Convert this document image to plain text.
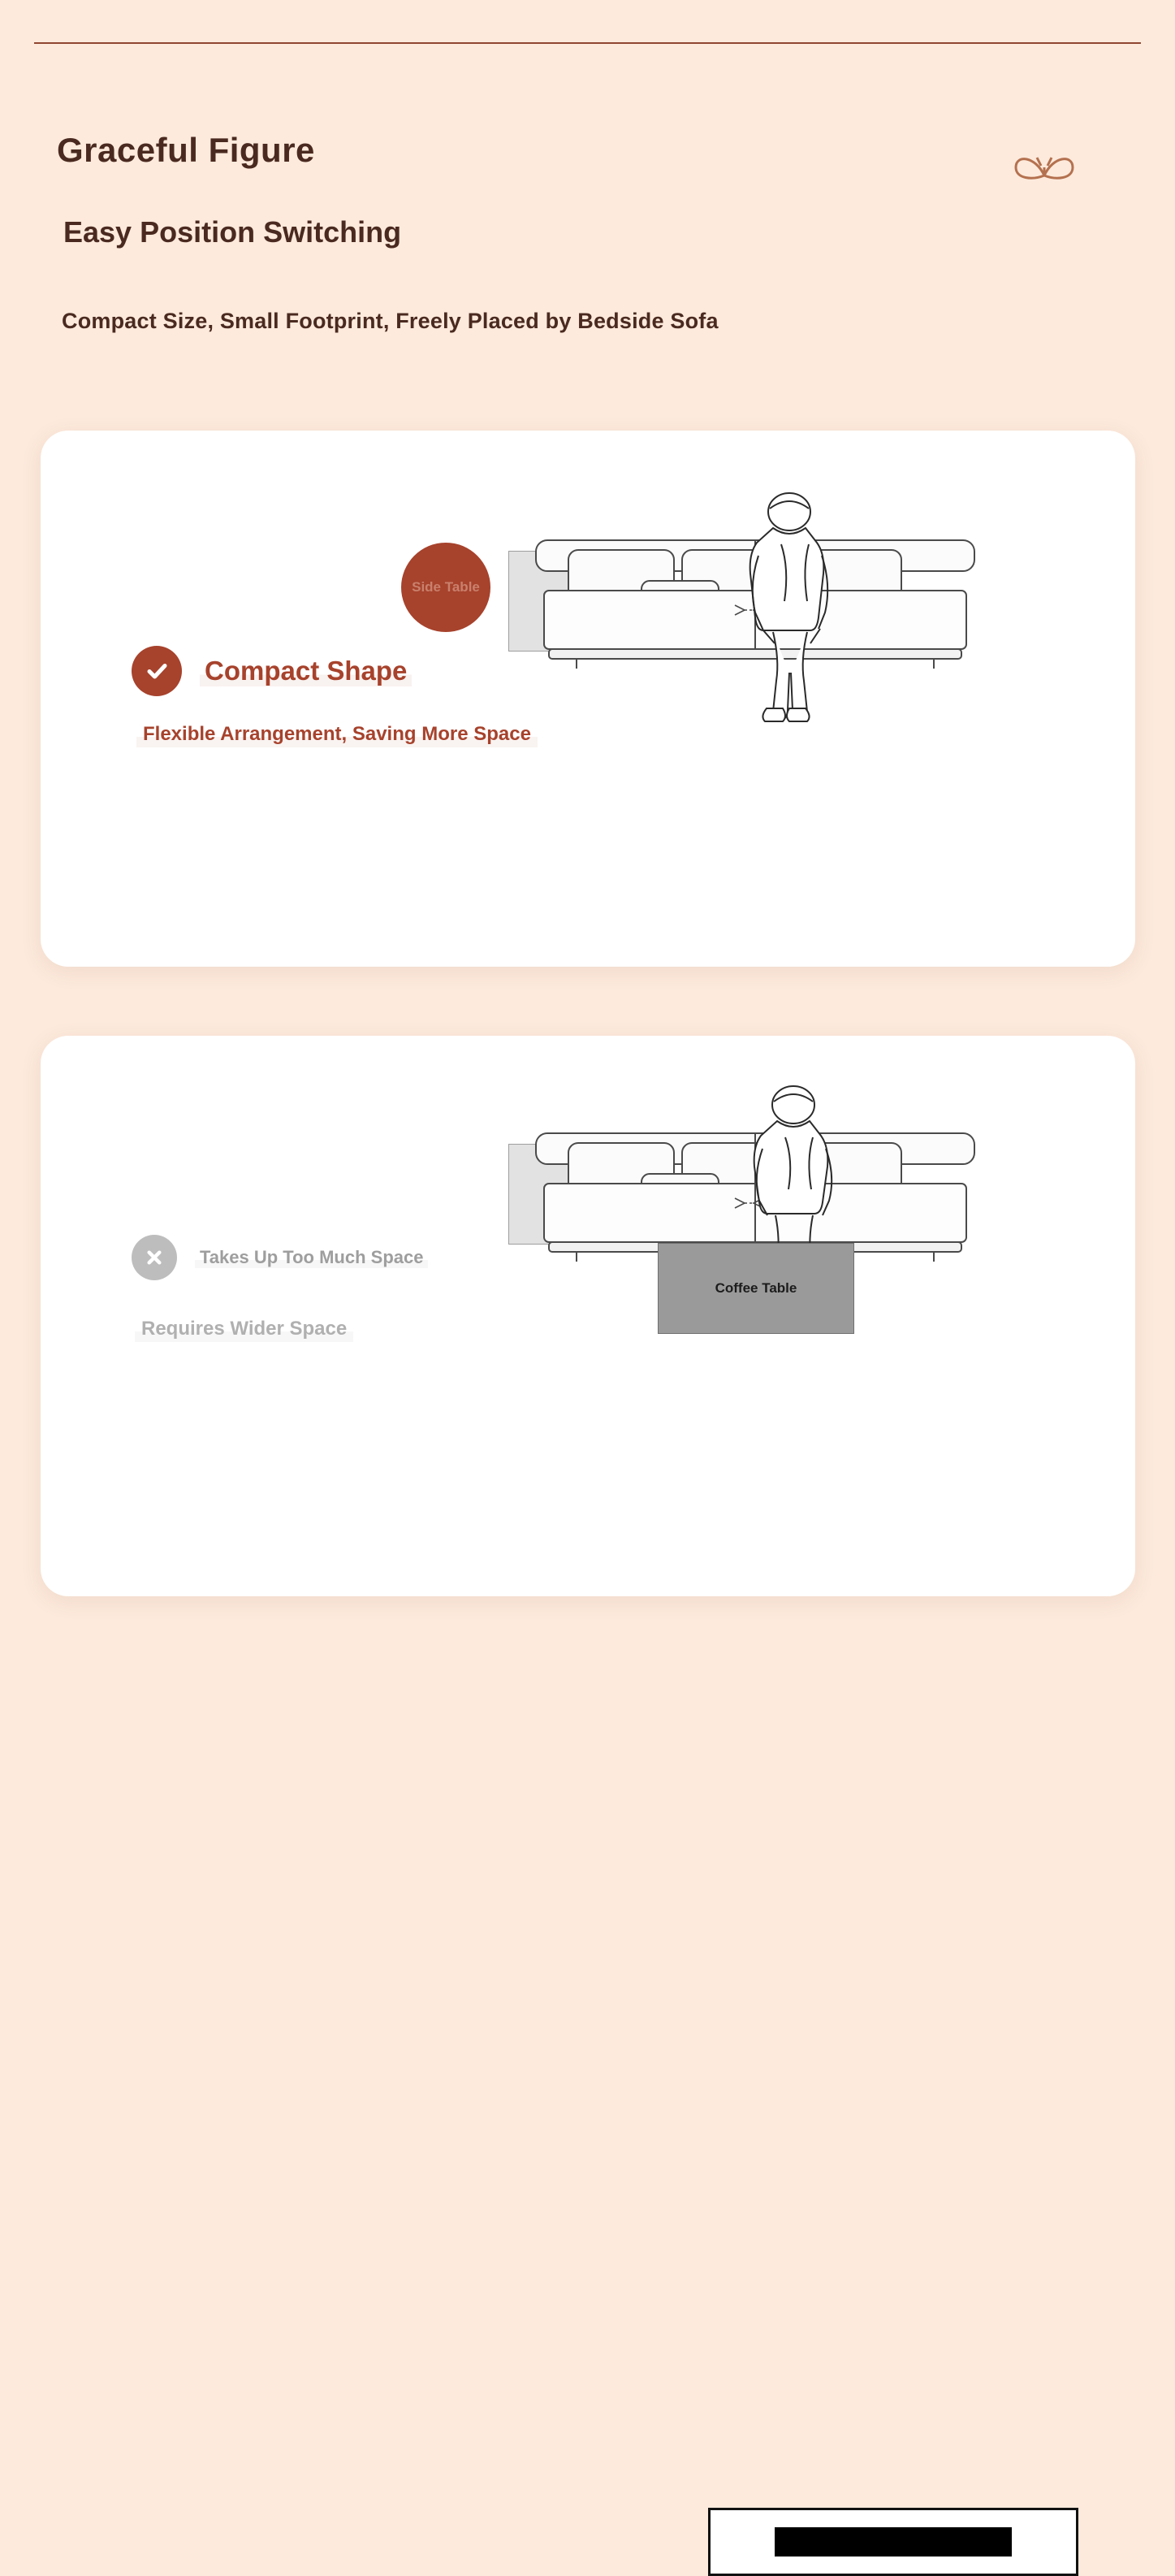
Graceful Figure
Easy Position Switching
Compact Size, Small Footprint, Freely Placed by Bedside Sofa
Compact Shape
Flexible Arrangement, Saving More Space
Side Table
Takes Up Too Much Space
Requires Wider Space
Coffee Table
